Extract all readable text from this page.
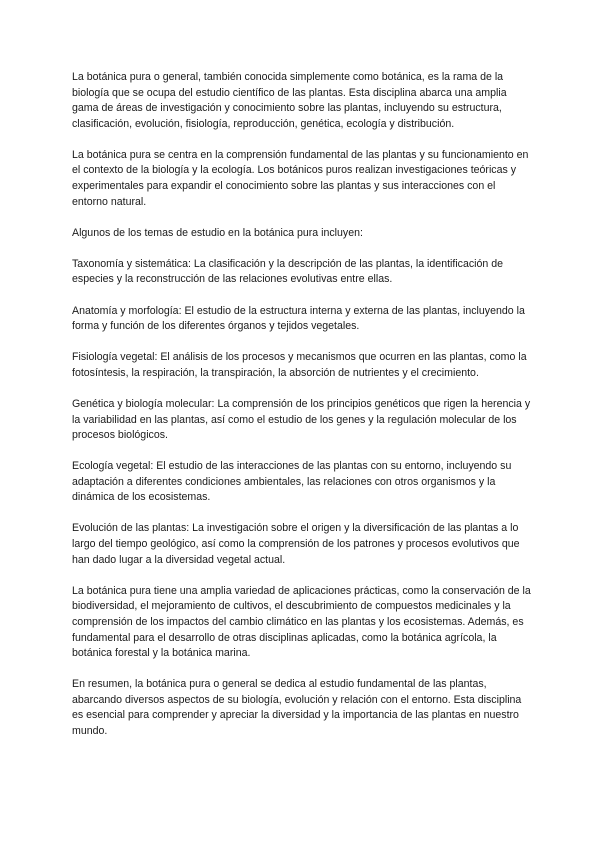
La botánica pura o general, también conocida simplemente como botánica, es la rama de la biología que se ocupa del estudio científico de las plantas. Esta disciplina abarca una amplia gama de áreas de investigación y conocimiento sobre las plantas, incluyendo su estructura, clasificación, evolución, fisiología, reproducción, genética, ecología y distribución.

La botánica pura se centra en la comprensión fundamental de las plantas y su funcionamiento en el contexto de la biología y la ecología. Los botánicos puros realizan investigaciones teóricas y experimentales para expandir el conocimiento sobre las plantas y sus interacciones con el entorno natural.

Algunos de los temas de estudio en la botánica pura incluyen:

Taxonomía y sistemática: La clasificación y la descripción de las plantas, la identificación de especies y la reconstrucción de las relaciones evolutivas entre ellas.

Anatomía y morfología: El estudio de la estructura interna y externa de las plantas, incluyendo la forma y función de los diferentes órganos y tejidos vegetales.

Fisiología vegetal: El análisis de los procesos y mecanismos que ocurren en las plantas, como la fotosíntesis, la respiración, la transpiración, la absorción de nutrientes y el crecimiento.

Genética y biología molecular: La comprensión de los principios genéticos que rigen la herencia y la variabilidad en las plantas, así como el estudio de los genes y la regulación molecular de los procesos biológicos.

Ecología vegetal: El estudio de las interacciones de las plantas con su entorno, incluyendo su adaptación a diferentes condiciones ambientales, las relaciones con otros organismos y la dinámica de los ecosistemas.

Evolución de las plantas: La investigación sobre el origen y la diversificación de las plantas a lo largo del tiempo geológico, así como la comprensión de los patrones y procesos evolutivos que han dado lugar a la diversidad vegetal actual.

La botánica pura tiene una amplia variedad de aplicaciones prácticas, como la conservación de la biodiversidad, el mejoramiento de cultivos, el descubrimiento de compuestos medicinales y la comprensión de los impactos del cambio climático en las plantas y los ecosistemas. Además, es fundamental para el desarrollo de otras disciplinas aplicadas, como la botánica agrícola, la botánica forestal y la botánica marina.

En resumen, la botánica pura o general se dedica al estudio fundamental de las plantas, abarcando diversos aspectos de su biología, evolución y relación con el entorno. Esta disciplina es esencial para comprender y apreciar la diversidad y la importancia de las plantas en nuestro mundo.
